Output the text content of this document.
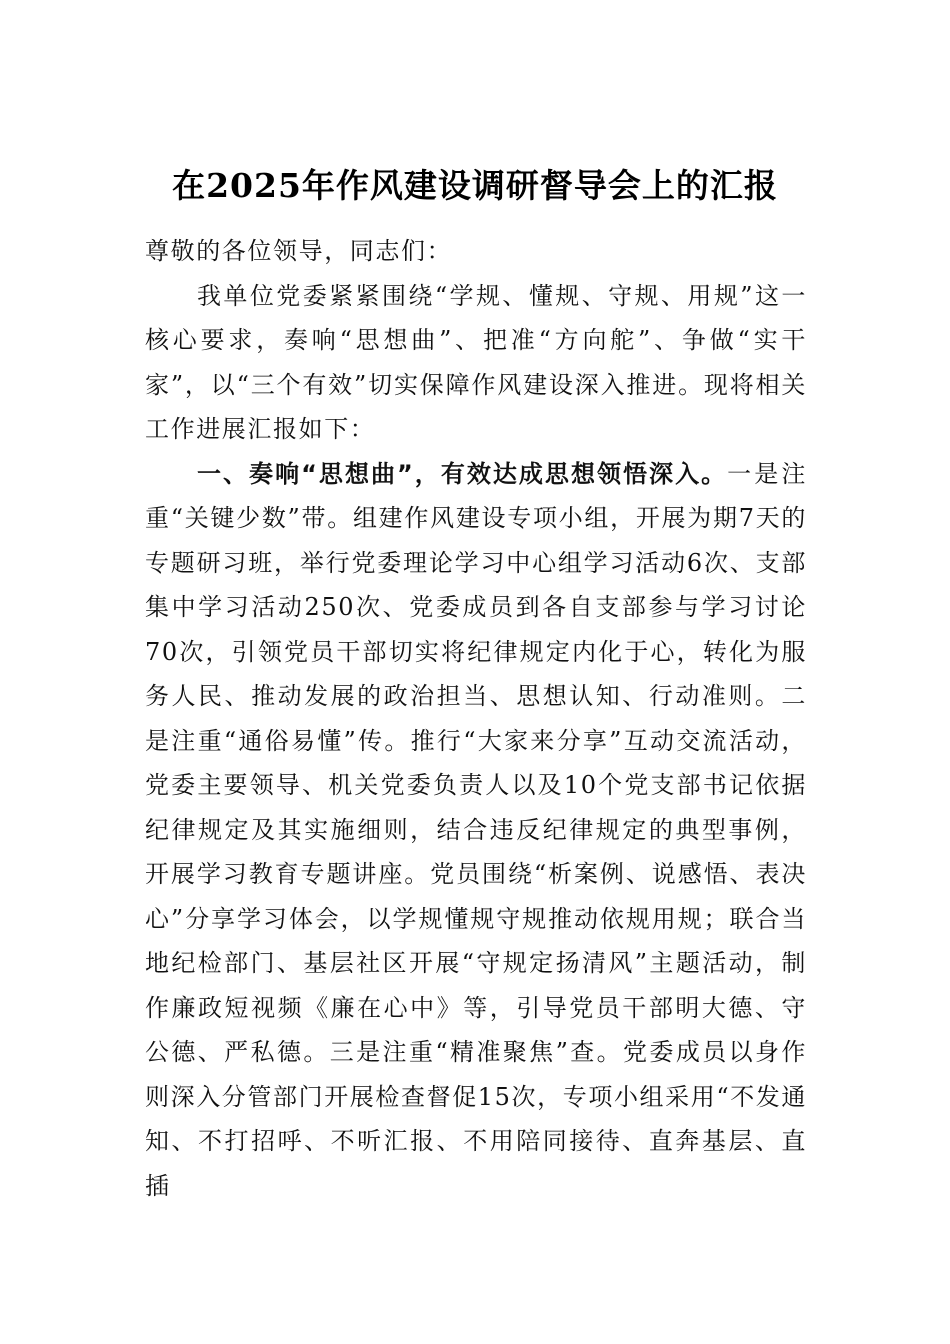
在2025年作风建设调研督导会上的汇报

尊敬的各位领导，同志们：

我单位党委紧紧围绕“学规、懂规、守规、用规”这一核心要求，奏响“思想曲”、把准“方向舵”、争做“实干家”，以“三个有效”切实保障作风建设深入推进。现将相关工作进展汇报如下：

一、奏响“思想曲”，有效达成思想领悟深入。一是注重“关键少数”带。组建作风建设专项小组，开展为期7天的专题研习班，举行党委理论学习中心组学习活动6次、支部集中学习活动250次、党委成员到各自支部参与学习讨论70次，引领党员干部切实将纪律规定内化于心，转化为服务人民、推动发展的政治担当、思想认知、行动准则。二是注重“通俗易懂”传。推行“大家来分享”互动交流活动，党委主要领导、机关党委负责人以及10个党支部书记依据纪律规定及其实施细则，结合违反纪律规定的典型事例，开展学习教育专题讲座。党员围绕“析案例、说感悟、表决心”分享学习体会，以学规懂规守规推动依规用规；联合当地纪检部门、基层社区开展“守规定扬清风”主题活动，制作廉政短视频《廉在心中》等，引导党员干部明大德、守公德、严私德。三是注重“精准聚焦”查。党委成员以身作则深入分管部门开展检查督促15次，专项小组采用“不发通知、不打招呼、不听汇报、不用陪同接待、直奔基层、直插
